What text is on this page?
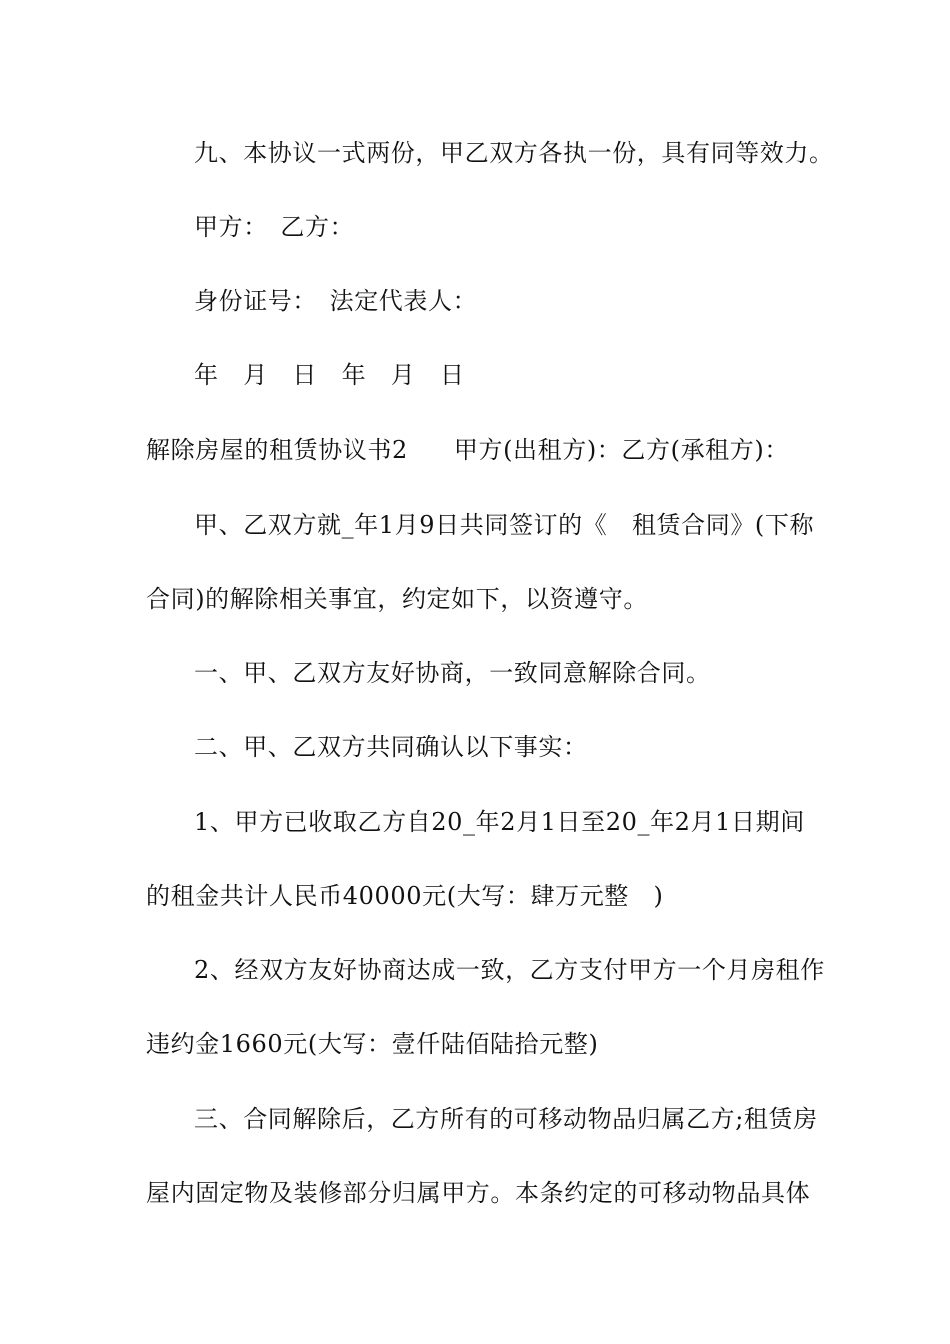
九、本协议一式两份，甲乙双方各执一份，具有同等效力。
甲方：　乙方：
身份证号：　法定代表人：
年　月　日　年　月　日
解除房屋的租赁协议书2 甲方(出租方)：乙方(承租方)：
甲、乙双方就_年1月9日共同签订的《　租赁合同》(下称
合同)的解除相关事宜，约定如下，以资遵守。
一、甲、乙双方友好协商，一致同意解除合同。
二、甲、乙双方共同确认以下事实：
1、甲方已收取乙方自20_年2月1日至20_年2月1日期间
的租金共计人民币40000元(大写：肆万元整　)
2、经双方友好协商达成一致，乙方支付甲方一个月房租作
违约金1660元(大写：壹仟陆佰陆拾元整)
三、合同解除后，乙方所有的可移动物品归属乙方;租赁房
屋内固定物及装修部分归属甲方。本条约定的可移动物品具体
